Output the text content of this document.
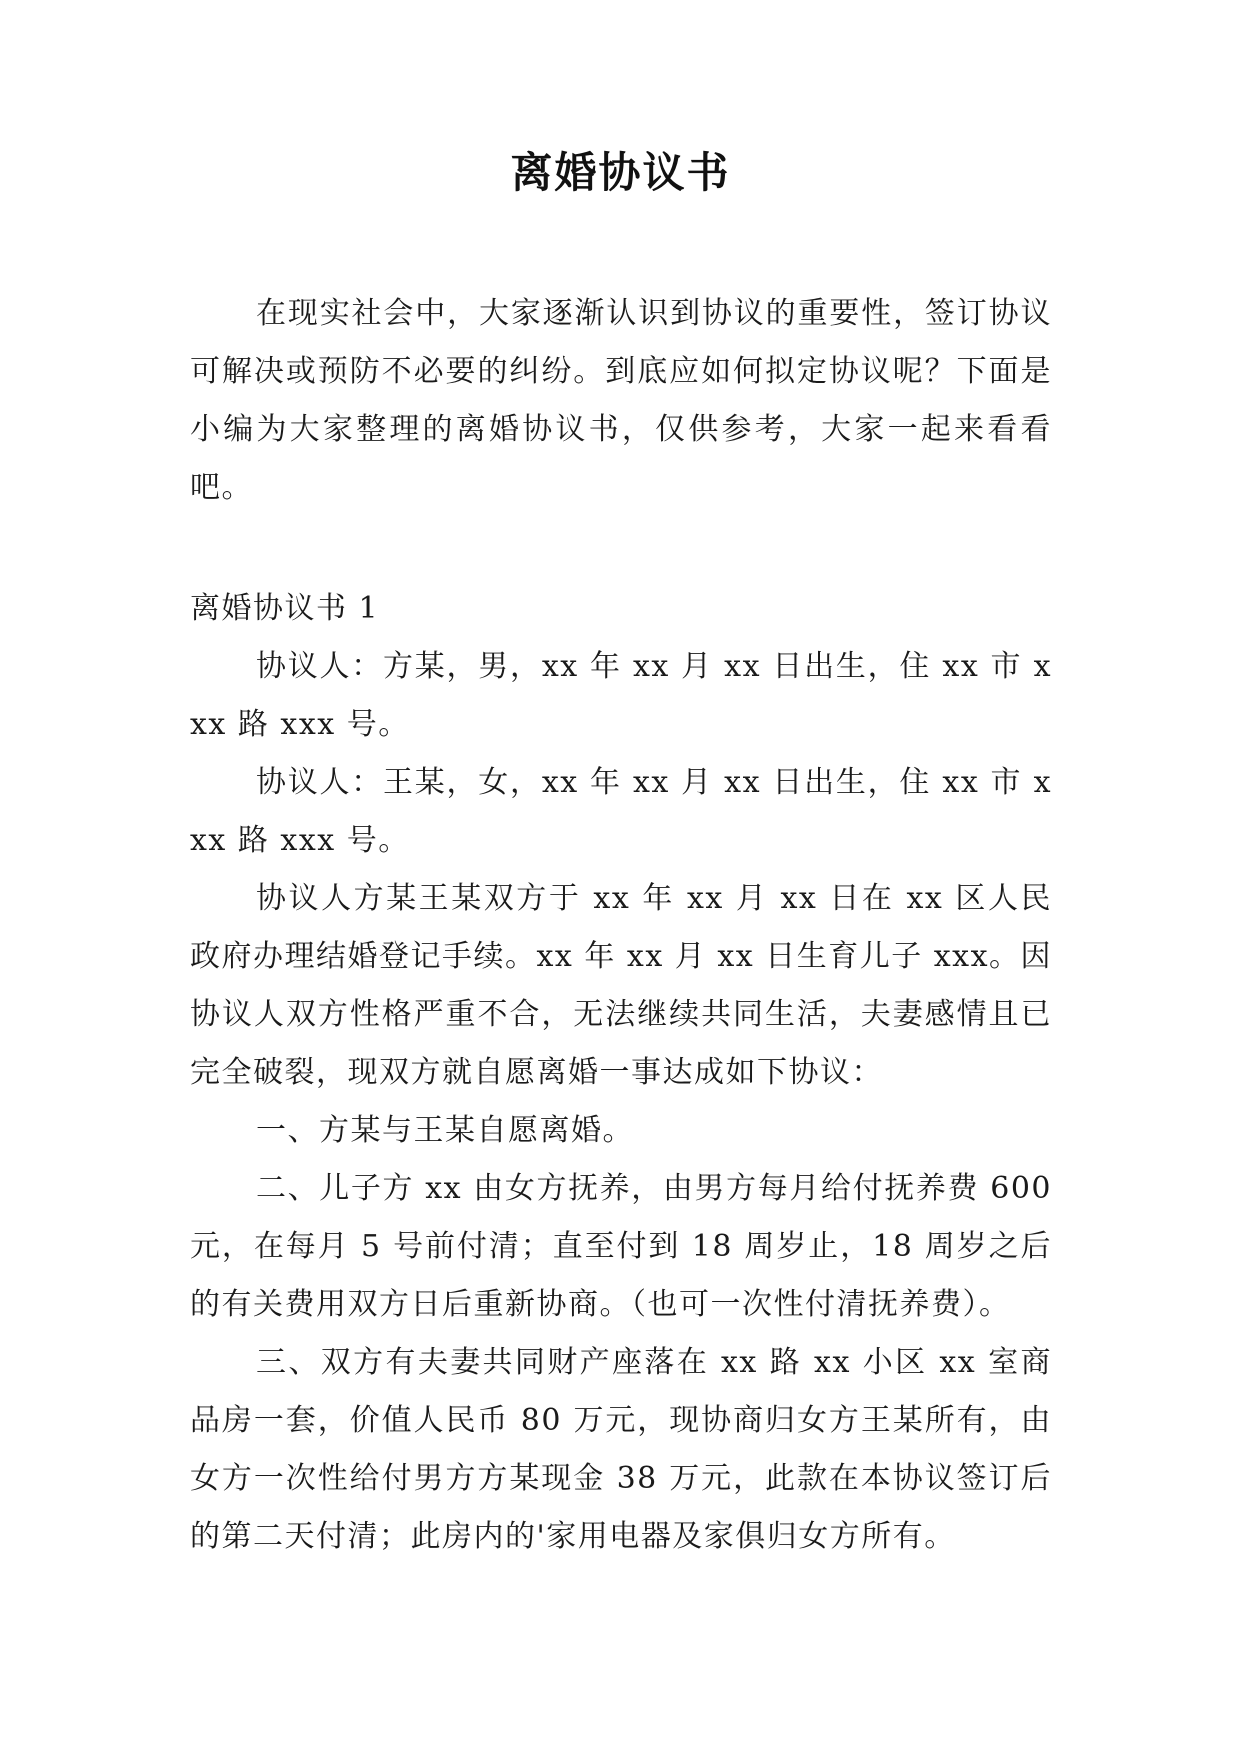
离婚协议书

在现实社会中，大家逐渐认识到协议的重要性，签订协议可解决或预防不必要的纠纷。到底应如何拟定协议呢？下面是小编为大家整理的离婚协议书，仅供参考，大家一起来看看吧。

离婚协议书 1

协议人：方某，男，xx 年 xx 月 xx 日出生，住 xx 市 xxx 路 xxx 号。

协议人：王某，女，xx 年 xx 月 xx 日出生，住 xx 市 xxx 路 xxx 号。

协议人方某王某双方于 xx 年 xx 月 xx 日在 xx 区人民政府办理结婚登记手续。xx 年 xx 月 xx 日生育儿子 xxx。因协议人双方性格严重不合，无法继续共同生活，夫妻感情且已完全破裂，现双方就自愿离婚一事达成如下协议：

一、方某与王某自愿离婚。

二、儿子方 xx 由女方抚养，由男方每月给付抚养费 600 元，在每月 5 号前付清；直至付到 18 周岁止，18 周岁之后的有关费用双方日后重新协商。（也可一次性付清抚养费）。

三、双方有夫妻共同财产座落在 xx 路 xx 小区 xx 室商品房一套，价值人民币 80 万元，现协商归女方王某所有，由女方一次性给付男方方某现金 38 万元，此款在本协议签订后的第二天付清；此房内的'家用电器及家俱归女方所有。
